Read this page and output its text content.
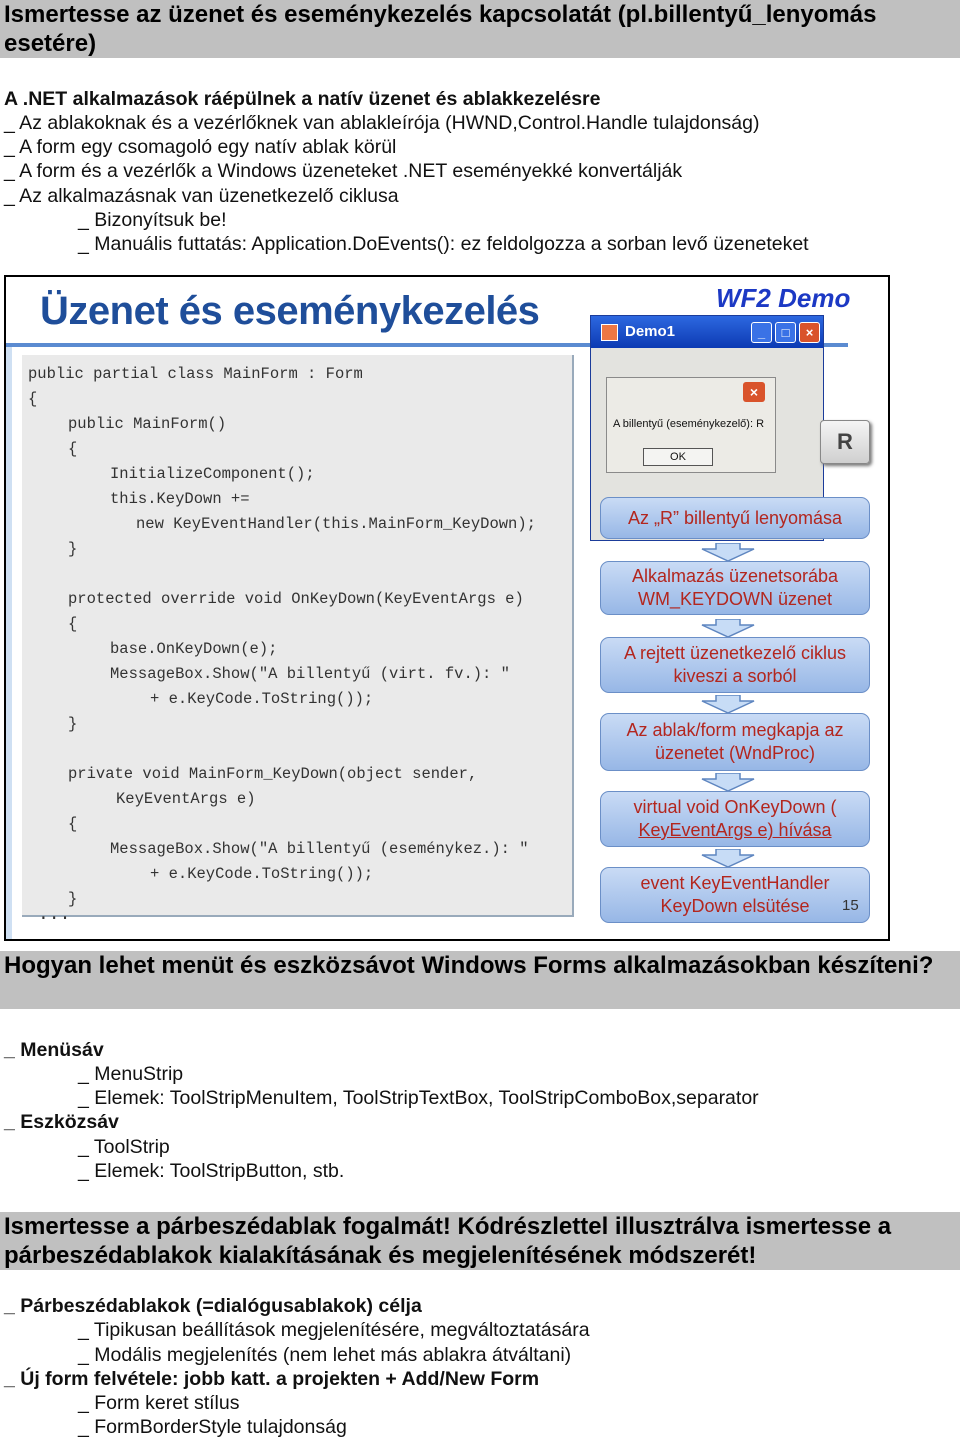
Ismertesse az üzenet és eseménykezelés kapcsolatát (pl.billentyű_lenyomás esetére)
A .NET alkalmazások ráépülnek a natív üzenet és ablakkezelésre
_ Az ablakoknak és a vezérlőknek van ablakleírója (HWND,Control.Handle tulajdonság)
_ A form egy csomagoló egy natív ablak körül
_ A form és a vezérlők a Windows üzeneteket .NET eseményekké konvertálják
_ Az alkalmazásnak van üzenetkezelő ciklusa
_ Bizonyítsuk be!
_ Manuális futtatás: Application.DoEvents(): ez feldolgozza a sorban levő üzeneteket
Üzenet és eseménykezelés	WF2 Demo
public partial class MainForm : Form
{
public MainForm()
{
InitializeComponent();
this.KeyDown +=
new KeyEventHandler(this.MainForm_KeyDown);
}
protected override void OnKeyDown(KeyEventArgs e)
{
base.OnKeyDown(e);
MessageBox.Show("A billentyű (virt. fv.): "
+ e.KeyCode.ToString());
}
private void MainForm_KeyDown(object sender,
KeyEventArgs e)
{
MessageBox.Show("A billentyű (eseménykez.): "
+ e.KeyCode.ToString());
}
...
Demo1	_	□	×
×
A billentyű (eseménykezelő): R
OK
R
Az „R” billentyű lenyomása
Alkalmazás üzenetsorába
WM_KEYDOWN üzenet
A rejtett üzenetkezelő ciklus
kiveszi a sorból
Az ablak/form megkapja az
üzenetet (WndProc)
virtual void OnKeyDown (
KeyEventArgs e) hívása
event KeyEventHandler
KeyDown elsütése	15
Hogyan lehet menüt és eszközsávot Windows Forms alkalmazásokban készíteni?
_ Menüsáv
_ MenuStrip
_ Elemek: ToolStripMenuItem, ToolStripTextBox, ToolStripComboBox,separator
_ Eszközsáv
_ ToolStrip
_ Elemek: ToolStripButton, stb.
Ismertesse a párbeszédablak fogalmát! Kódrészlettel illusztrálva ismertesse a párbeszédablakok kialakításának és megjelenítésének módszerét!
_ Párbeszédablakok (=dialógusablakok) célja
_ Tipikusan beállítások megjelenítésére, megváltoztatására
_ Modális megjelenítés (nem lehet más ablakra átváltani)
_ Új form felvétele: jobb katt. a projekten + Add/New Form
_ Form keret stílus
_ FormBorderStyle tulajdonság
